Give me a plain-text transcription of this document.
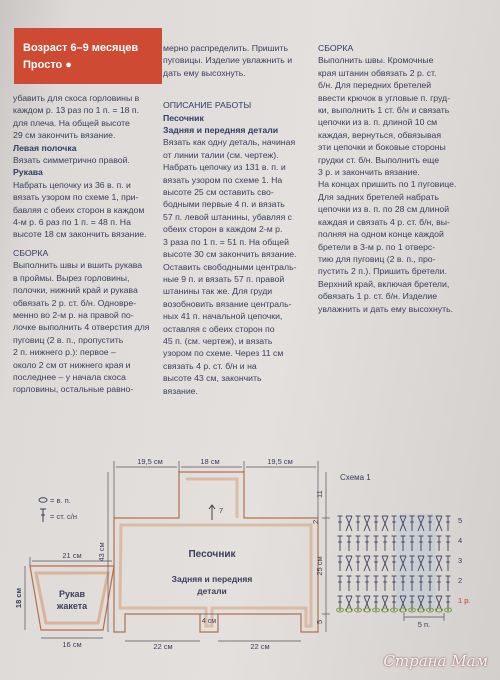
Возраст 6–9 месяцев
Просто ●

убавить для скоса горловины в

каждом р. 13 раз по 1 п. = 18 п.

для плеча. На общей высоте

29 см закончить вязание.

Левая полочка

Вязать симметрично правой.

Рукава

Набрать цепочку из 36 в. п. и

вязать узором по схеме 1, при-

бавляя с обеих сторон в каждом

4-м р. 6 раз по 1 п. = 48 п. На

высоте 18 см закончить вязание.

СБОРКА

Выполнить швы и вшить рукава

в проймы. Вырез горловины,

полочки, нижний край и рукава

обвязать 2 р. ст. б/н. Одновре-

менно во 2-м р. на правой по-

лочке выполнить 4 отверстия для

пуговиц (2 в. п., пропустить

2 п. нижнего р.): первое –

около 2 см от нижнего края и

последнее – у начала скоса

горловины, остальные равно-

мерно распределить. Пришить

пуговицы. Изделие увлажнить и

дать ему высохнуть.

ОПИСАНИЕ РАБОТЫ

Песочник

Задняя и передняя детали

Вязать как одну деталь, начиная

от линии талии (см. чертеж).

Набрать цепочку из 131 в. п. и

вязать узором по схеме 1. На

высоте 25 см оставить сво-

бодными первые 4 п. и вязать

57 п. левой штанины, убавляя с

обеих сторон в каждом 2-м р.

3 раза по 1 п. = 51 п. На общей

высоте 30 см закончить вязание.

Оставить свободными централь-

ные 9 п. и вязать 57 п. правой

штанины так же. Для груди

возобновить вязание централь-

ных 41 п. начальной цепочки,

оставляя с обеих сторон по

45 п. (см. чертеж), и вязать

узором по схеме. Через 11 см

связать 4 р. ст. б/н и на

высоте 43 см, закончить

вязание.

СБОРКА

Выполнить швы. Кромочные

края штанин обвязать 2 р. ст.

б/н. Для передних бретелей

ввести крючок в угловые п. груд-

ки, выполнить 1 ст. б/н и связать

цепочки из в. п. длиной 10 см

каждая, вернуться, обвязывая

эти цепочки и боковые стороны

грудки ст. б/н. Выполнить еще

3 р. и закончить вязание.

На концах пришить по 1 пуговице.

Для задних бретелей набрать

цепочки из в. п. по 28 см длиной

каждая и связать 4 р. ст. б/н, вы-

полняя на одном конце каждой

бретели в 3-м р. по 1 отверс-

тию для пуговиц (2 в. п., про-

пустить 2 п.). Пришить бретели.

Верхний край, включая бретели,

обвязать 1 р. ст. б/н. Изделие

увлажнить и дать ему высохнуть.

= в. п.
= ст. с/н
21 см
18 см
16 см
Рукав
жакета
19,5 см	18 см	19,5 см
43 см
11
2
25 см
5
7
Песочник
Задняя и передняя
детали
4 см
22 см	22 см
Схема 1
5
4
3
2
1 р.
5 п.
Страна Мам
